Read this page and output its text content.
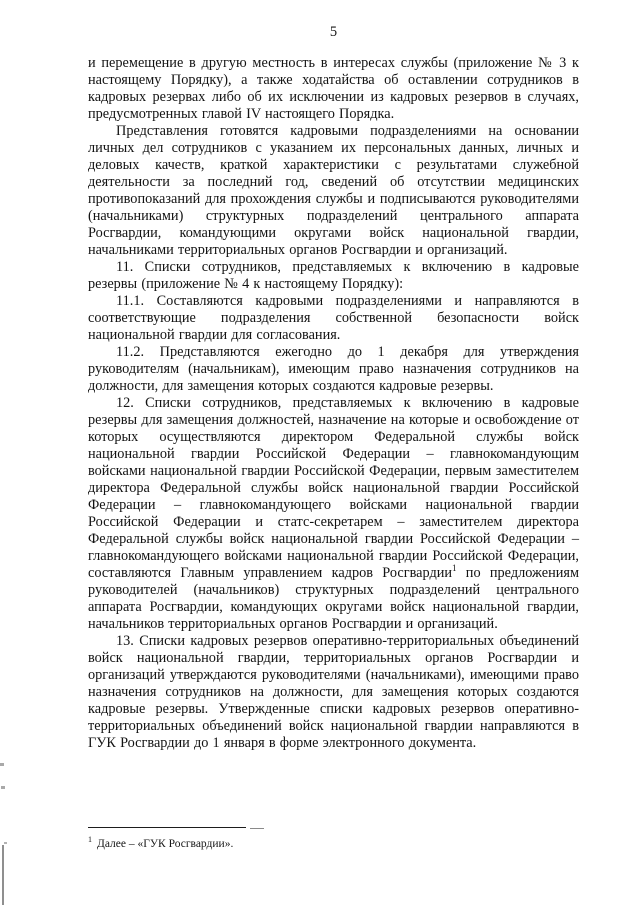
5

и перемещение в другую местность в интересах службы (приложение № 3 к настоящему Порядку), а также ходатайства об оставлении сотрудников в кадровых резервах либо об их исключении из кадровых резервов в случаях, предусмотренных главой IV настоящего Порядка.

Представления готовятся кадровыми подразделениями на основании личных дел сотрудников с указанием их персональных данных, личных и деловых качеств, краткой характеристики с результатами служебной деятельности за последний год, сведений об отсутствии медицинских противопоказаний для прохождения службы и подписываются руководителями (начальниками) структурных подразделений центрального аппарата Росгвардии, командующими округами войск национальной гвардии, начальниками территориальных органов Росгвардии и организаций.

11. Списки сотрудников, представляемых к включению в кадровые резервы (приложение № 4 к настоящему Порядку):

11.1. Составляются кадровыми подразделениями и направляются в соответствующие подразделения собственной безопасности войск национальной гвардии для согласования.

11.2. Представляются ежегодно до 1 декабря для утверждения руководителям (начальникам), имеющим право назначения сотрудников на должности, для замещения которых создаются кадровые резервы.

12. Списки сотрудников, представляемых к включению в кадровые резервы для замещения должностей, назначение на которые и освобождение от которых осуществляются директором Федеральной службы войск национальной гвардии Российской Федерации – главнокомандующим войсками национальной гвардии Российской Федерации, первым заместителем директора Федеральной службы войск национальной гвардии Российской Федерации – главнокомандующего войсками национальной гвардии Российской Федерации и статс-секретарем – заместителем директора Федеральной службы войск национальной гвардии Российской Федерации – главнокомандующего войсками национальной гвардии Российской Федерации, составляются Главным управлением кадров Росгвардии$^1$ по предложениям руководителей (начальников) структурных подразделений центрального аппарата Росгвардии, командующих округами войск национальной гвардии, начальников территориальных органов Росгвардии и организаций.

13. Списки кадровых резервов оперативно-территориальных объединений войск национальной гвардии, территориальных органов Росгвардии и организаций утверждаются руководителями (начальниками), имеющими право назначения сотрудников на должности, для замещения которых создаются кадровые резервы. Утвержденные списки кадровых резервов оперативно-территориальных объединений войск национальной гвардии направляются в ГУК Росгвардии до 1 января в форме электронного документа.

$^1$ Далее – «ГУК Росгвардии».
